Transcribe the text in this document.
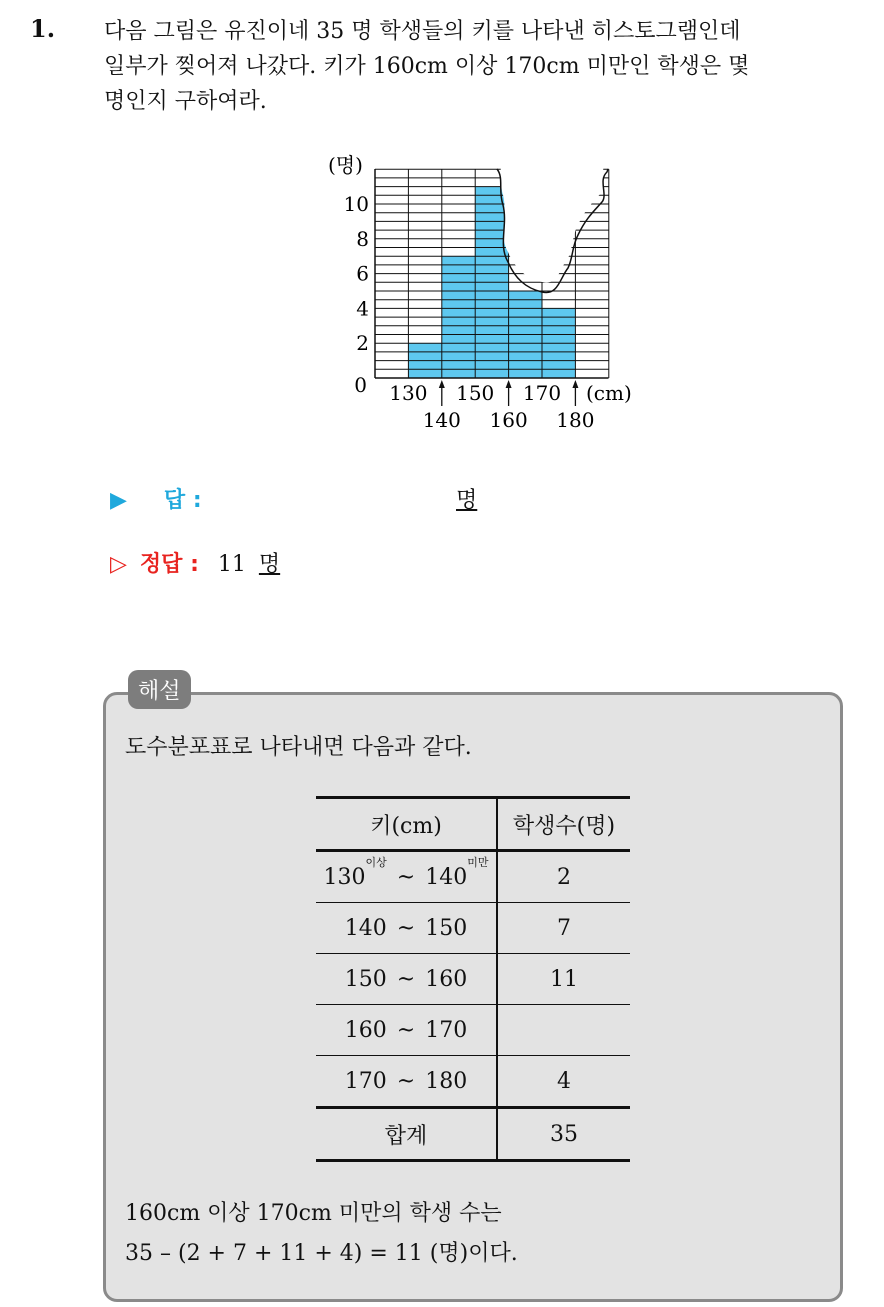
1. 다음 그림은 유진이네 35 명 학생들의 키를 나타낸 히스토그램인데
일부가 찢어져 나갔다. 키가 160cm 이상 170cm 미만인 학생은 몇
명인지 구하여라.
(명)
0
2
4
6
8
10
130 150 170
140 160 180
(cm)
▶ 답 :	명
▷ 정답 : 11 명
해설
도수분포표로 나타내면 다음과 같다.
키(cm)	학생수(명)
$130^{이상}\sim$ $140^{미만}$	2
140 ~ 150	7
150 ~ 160	11
160 ~ 170	
170 ~ 180	4
합계	35
160cm 이상 170cm 미만의 학생 수는
35 – (2 + 7 + 11 + 4) = 11 (명)이다.
